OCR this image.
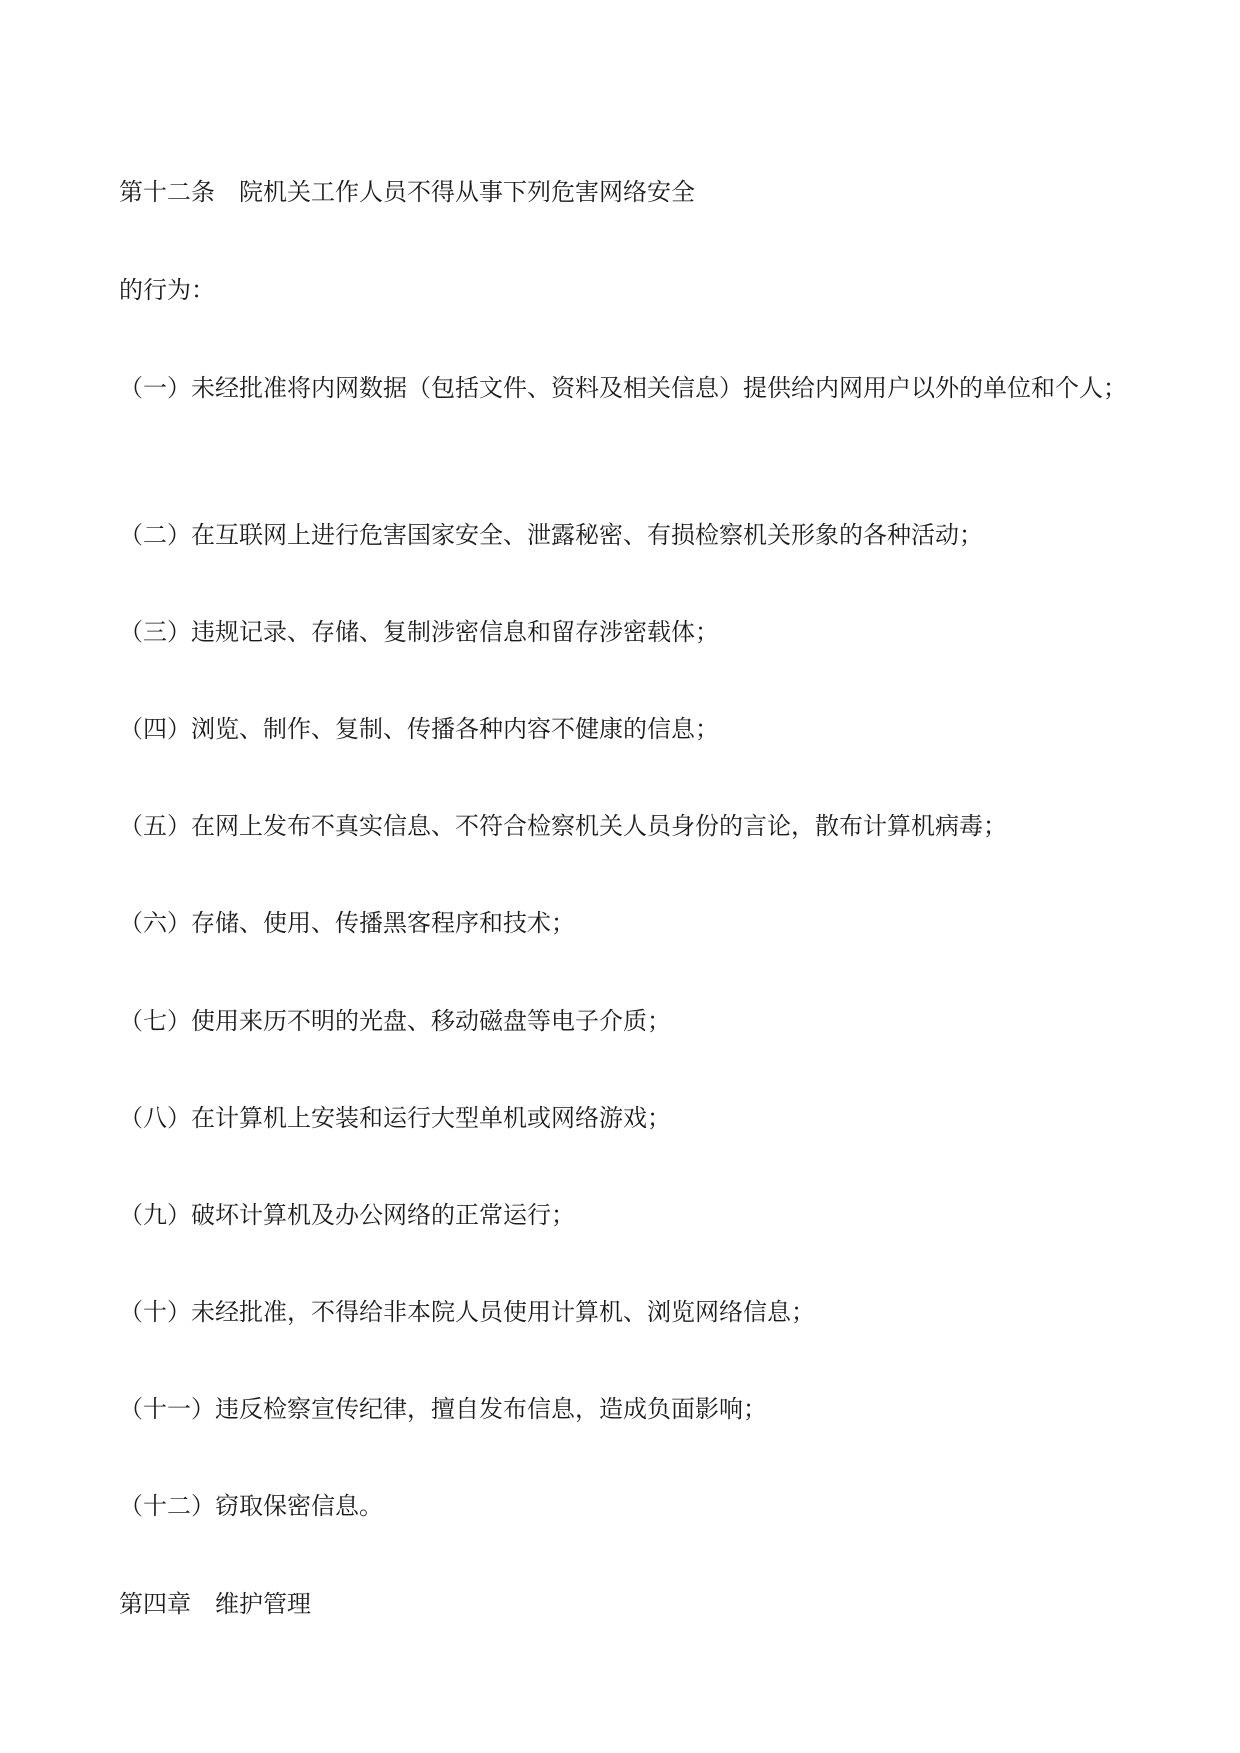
第十二条 院机关工作人员不得从事下列危害网络安全
的行为：
（一）未经批准将内网数据（包括文件、资料及相关信息）提供给内网用户以外的单位和个人；
（二）在互联网上进行危害国家安全、泄露秘密、有损检察机关形象的各种活动；
（三）违规记录、存储、复制涉密信息和留存涉密载体；
（四）浏览、制作、复制、传播各种内容不健康的信息；
（五）在网上发布不真实信息、不符合检察机关人员身份的言论，散布计算机病毒；
（六）存储、使用、传播黑客程序和技术；
（七）使用来历不明的光盘、移动磁盘等电子介质；
（八）在计算机上安装和运行大型单机或网络游戏；
（九）破坏计算机及办公网络的正常运行；
（十）未经批准，不得给非本院人员使用计算机、浏览网络信息；
（十一）违反检察宣传纪律，擅自发布信息，造成负面影响；
（十二）窃取保密信息。
第四章 维护管理
